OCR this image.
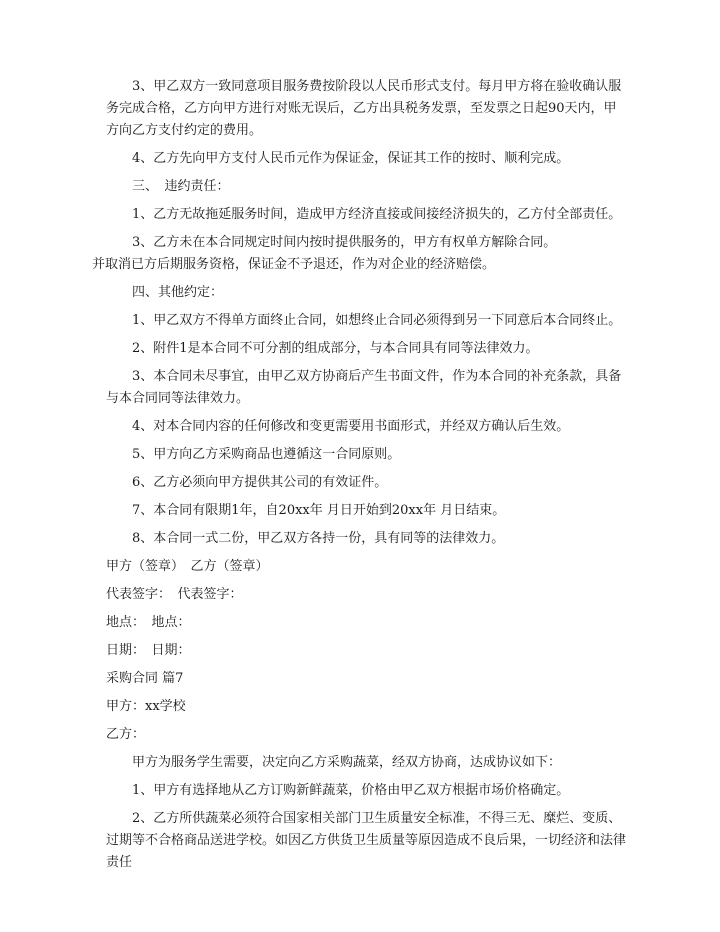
3、甲乙双方一致同意项目服务费按阶段以人民币形式支付。每月甲方将在验收确认服务完成合格，乙方向甲方进行对账无误后，乙方出具税务发票，至发票之日起90天内，甲方向乙方支付约定的费用。

4、乙方先向甲方支付人民币元作为保证金，保证其工作的按时、顺利完成。

三、　违约责任：

1、乙方无故拖延服务时间，造成甲方经济直接或间接经济损失的，乙方付全部责任。

3、乙方未在本合同规定时间内按时提供服务的，甲方有权单方解除合同。

并取消已方后期服务资格，保证金不予退还，作为对企业的经济赔偿。

四、其他约定：

1、甲乙双方不得单方面终止合同，如想终止合同必须得到另一下同意后本合同终止。

2、附件1是本合同不可分割的组成部分，与本合同具有同等法律效力。

3、本合同未尽事宜，由甲乙双方协商后产生书面文件，作为本合同的补充条款，具备与本合同同等法律效力。

4、对本合同内容的任何修改和变更需要用书面形式，并经双方确认后生效。

5、甲方向乙方采购商品也遵循这一合同原则。

6、乙方必须向甲方提供其公司的有效证件。

7、本合同有限期1年，自20xx年 月日开始到20xx年 月日结束。

8、本合同一式二份，甲乙双方各持一份，具有同等的法律效力。

甲方（签章）　乙方（签章）

代表签字：　代表签字：

地点：　地点：

日期：　日期：

采购合同 篇7

甲方：xx学校

乙方：

甲方为服务学生需要，决定向乙方采购蔬菜，经双方协商，达成协议如下：

1、甲方有选择地从乙方订购新鲜蔬菜，价格由甲乙双方根据市场价格确定。

2、乙方所供蔬菜必须符合国家相关部门卫生质量安全标准，不得三无、糜烂、变质、过期等不合格商品送进学校。如因乙方供货卫生质量等原因造成不良后果，一切经济和法律责任
